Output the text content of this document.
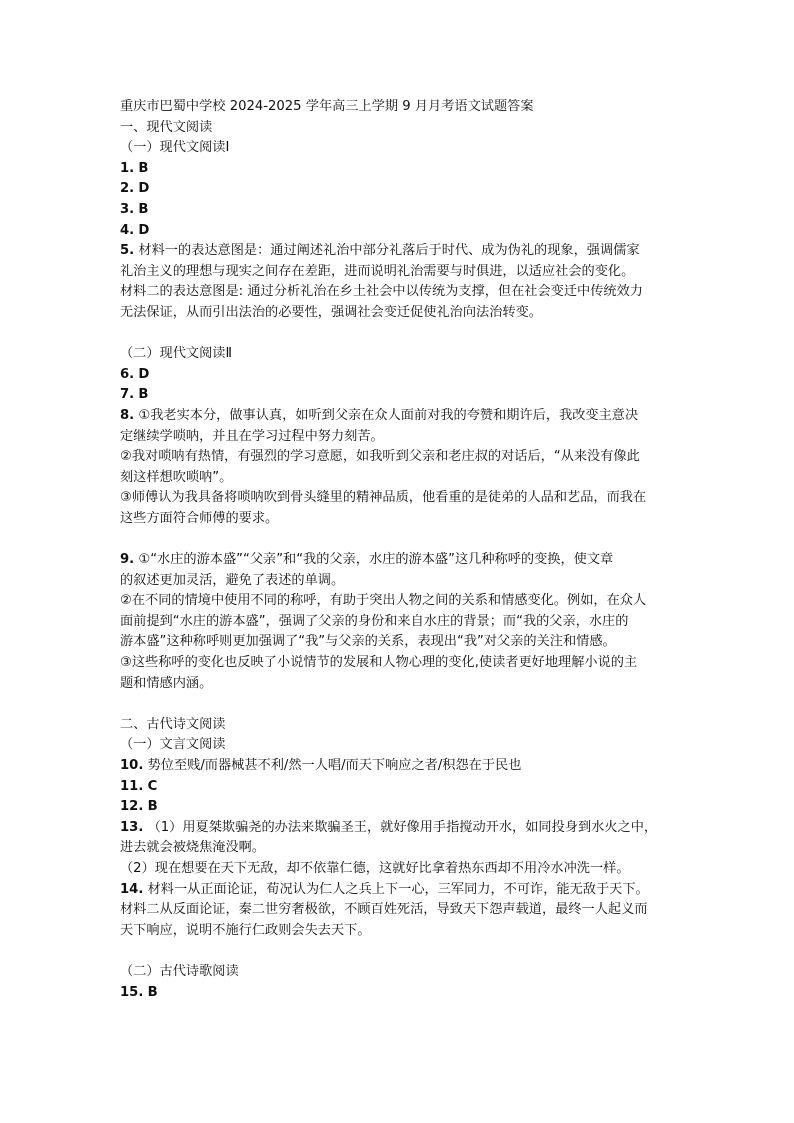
重庆市巴蜀中学校 2024-2025 学年高三上学期 9 月月考语文试题答案
一、现代文阅读
（一）现代文阅读Ⅰ
1. B
2. D
3. B
4. D
5. 材料一的表达意图是：通过阐述礼治中部分礼落后于时代、成为伪礼的现象，强调儒家
礼治主义的理想与现实之间存在差距，进而说明礼治需要与时俱进，以适应社会的变化。
材料二的表达意图是: 通过分析礼治在乡土社会中以传统为支撑，但在社会变迁中传统效力
无法保证，从而引出法治的必要性，强调社会变迁促使礼治向法治转变。
（二）现代文阅读Ⅱ
6. D
7. B
8. ①我老实本分，做事认真，如听到父亲在众人面前对我的夸赞和期许后，我改变主意决
定继续学唢呐，并且在学习过程中努力刻苦。
②我对唢呐有热情，有强烈的学习意愿，如我听到父亲和老庄叔的对话后，“从来没有像此
刻这样想吹唢呐”。
③师傅认为我具备将唢呐吹到骨头缝里的精神品质，他看重的是徒弟的人品和艺品，而我在
这些方面符合师傅的要求。
9. ①“水庄的游本盛”“父亲”和“我的父亲，水庄的游本盛”这几种称呼的变换，使文章
的叙述更加灵活，避免了表述的单调。
②在不同的情境中使用不同的称呼，有助于突出人物之间的关系和情感变化。例如，在众人
面前提到“水庄的游本盛”，强调了父亲的身份和来自水庄的背景；而“我的父亲，水庄的
游本盛”这种称呼则更加强调了“我”与父亲的关系，表现出“我”对父亲的关注和情感。
③这些称呼的变化也反映了小说情节的发展和人物心理的变化,使读者更好地理解小说的主
题和情感内涵。
二、古代诗文阅读
（一）文言文阅读
10. 势位至贱/而器械甚不利/然一人唱/而天下响应之者/积怨在于民也
11. C
12. B
13. （1）用夏桀欺骗尧的办法来欺骗圣王，就好像用手指搅动开水，如同投身到水火之中，
进去就会被烧焦淹没啊。
（2）现在想要在天下无敌，却不依靠仁德，这就好比拿着热东西却不用冷水冲洗一样。
14. 材料一从正面论证，荀况认为仁人之兵上下一心，三军同力，不可诈，能无敌于天下。
材料二从反面论证，秦二世穷奢极欲，不顾百姓死活，导致天下怨声载道，最终一人起义而
天下响应，说明不施行仁政则会失去天下。
（二）古代诗歌阅读
15. B
